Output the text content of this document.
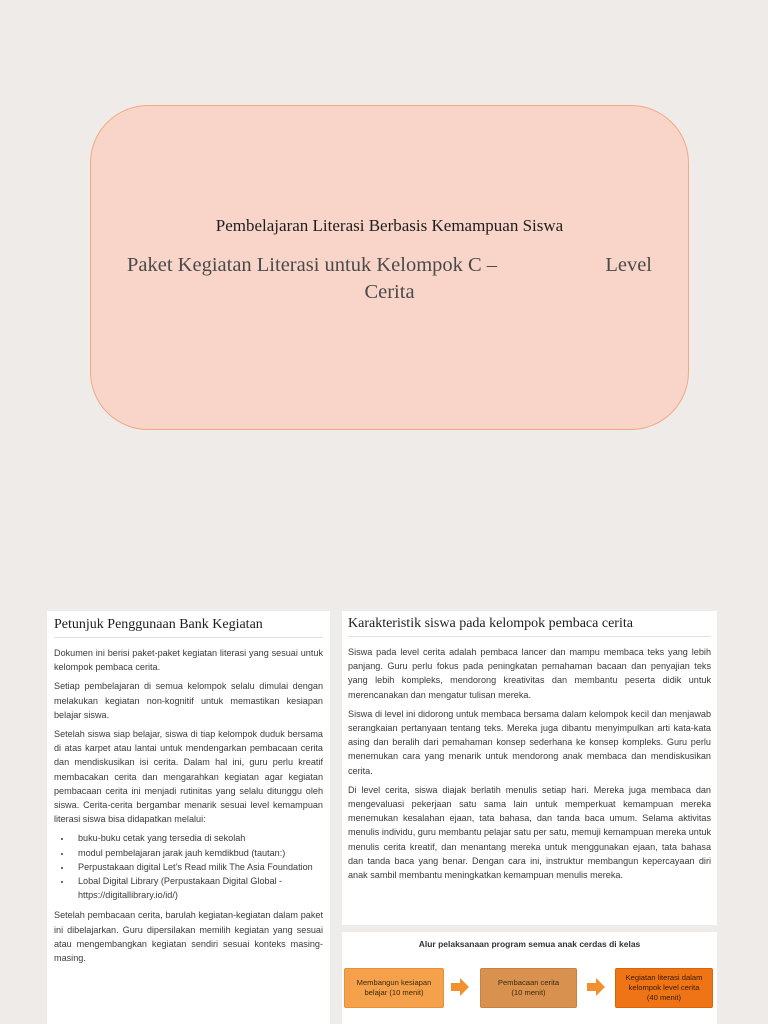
Pembelajaran Literasi Berbasis Kemampuan Siswa
Paket Kegiatan Literasi untuk Kelompok C –	Level
Cerita
Petunjuk Penggunaan Bank Kegiatan

Dokumen ini berisi paket-paket kegiatan literasi yang sesuai untuk kelompok pembaca cerita.

Setiap pembelajaran di semua kelompok selalu dimulai dengan melakukan kegiatan non-kognitif untuk memastikan kesiapan belajar siswa.

Setelah siswa siap belajar, siswa di tiap kelompok duduk bersama di atas karpet atau lantai untuk mendengarkan pembacaan cerita dan mendiskusikan isi cerita. Dalam hal ini, guru perlu kreatif membacakan cerita dan mengarahkan kegiatan agar kegiatan pembacaan cerita ini menjadi rutinitas yang selalu ditunggu oleh siswa. Cerita-cerita bergambar menarik sesuai level kemampuan literasi siswa bisa didapatkan melalui:

• buku-buku cetak yang tersedia di sekolah
• modul pembelajaran jarak jauh kemdikbud (tautan:)
• Perpustakaan digital Let’s Read milik The Asia Foundation
• Lobal Digital Library (Perpustakaan Digital Global - https://digitallibrary.io/id/)

Setelah pembacaan cerita, barulah kegiatan-kegiatan dalam paket ini dibelajarkan. Guru dipersilakan memilih kegiatan yang sesuai atau mengembangkan kegiatan sendiri sesuai konteks masing-masing.

Karakteristik siswa pada kelompok pembaca cerita

Siswa pada level cerita adalah pembaca lancer dan mampu membaca teks yang lebih panjang. Guru perlu fokus pada peningkatan pemahaman bacaan dan penyajian teks yang lebih kompleks, mendorong kreativitas dan membantu peserta didik untuk merencanakan dan mengatur tulisan mereka.

Siswa di level ini didorong untuk membaca bersama dalam kelompok kecil dan menjawab serangkaian pertanyaan tentang teks. Mereka juga dibantu menyimpulkan arti kata-kata asing dan beralih dari pemahaman konsep sederhana ke konsep kompleks. Guru perlu menemukan cara yang menarik untuk mendorong anak membaca dan mendiskusikan cerita.

Di level cerita, siswa diajak berlatih menulis setiap hari. Mereka juga membaca dan mengevaluasi pekerjaan satu sama lain untuk memperkuat kemampuan mereka menemukan kesalahan ejaan, tata bahasa, dan tanda baca umum. Selama aktivitas menulis individu, guru membantu pelajar satu per satu, memuji kemampuan mereka untuk menulis cerita kreatif, dan menantang mereka untuk menggunakan ejaan, tata bahasa dan tanda baca yang benar. Dengan cara ini, instruktur membangun kepercayaan diri anak sambil membantu meningkatkan kemampuan menulis mereka.

Alur pelaksanaan program semua anak cerdas di kelas
Membangun kesiapan
belajar (10 menit)
Pembacaan cerita
(10 menit)
Kegiatan literasi dalam
kelompok level cerita
(40 menit)
